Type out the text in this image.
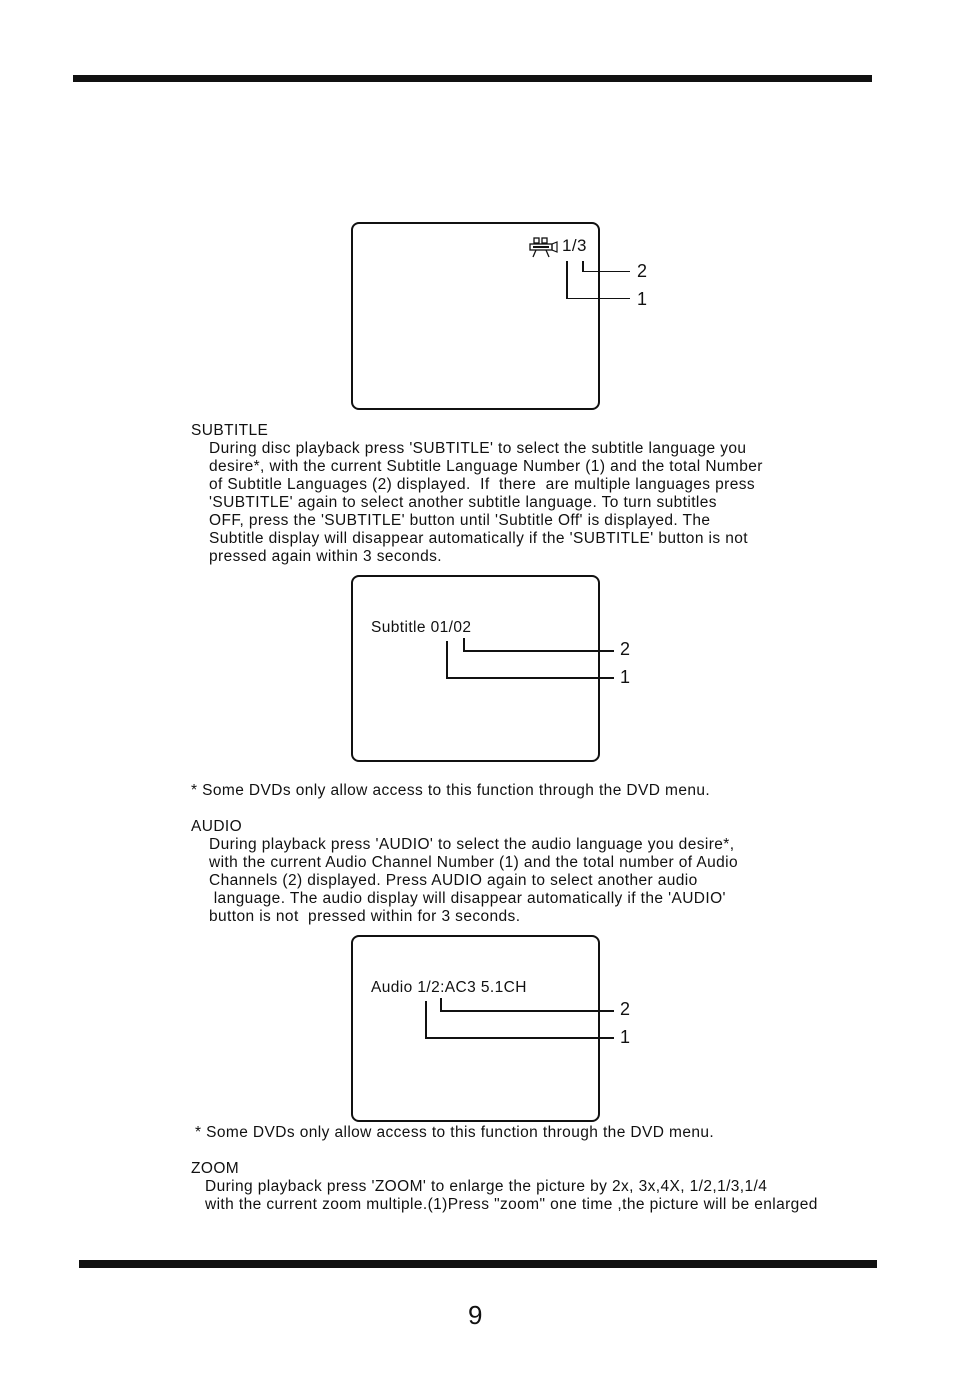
1/3
2
1
SUBTITLE
During disc playback press 'SUBTITLE' to select the subtitle language you
desire*, with the current Subtitle Language Number (1) and the total Number
of Subtitle Languages (2) displayed.  If  there  are multiple languages press
'SUBTITLE' again to select another subtitle language. To turn subtitles
OFF, press the 'SUBTITLE' button until 'Subtitle Off' is displayed. The
Subtitle display will disappear automatically if the 'SUBTITLE' button is not
pressed again within 3 seconds.
Subtitle 01/02
2
1
* Some DVDs only allow access to this function through the DVD menu.
AUDIO
During playback press 'AUDIO' to select the audio language you desire*,
with the current Audio Channel Number (1) and the total number of Audio
Channels (2) displayed. Press AUDIO again to select another audio
language. The audio display will disappear automatically if the 'AUDIO'
button is not  pressed within for 3 seconds.
Audio 1/2:AC3 5.1CH
2
1
* Some DVDs only allow access to this function through the DVD menu.
ZOOM
During playback press 'ZOOM' to enlarge the picture by 2x, 3x,4X, 1/2,1/3,1/4
with the current zoom multiple.(1)Press "zoom" one time ,the picture will be enlarged
9
